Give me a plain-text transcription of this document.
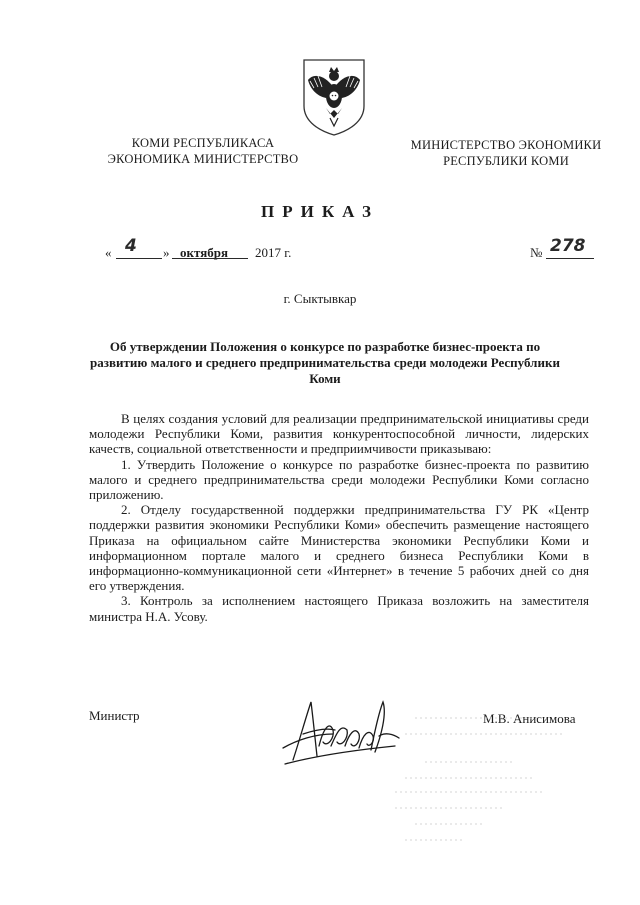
КОМИ РЕСПУБЛИКАСА
ЭКОНОМИКА МИНИСТЕРСТВО
МИНИСТЕРСТВО ЭКОНОМИКИ
РЕСПУБЛИКИ КОМИ
ПРИКАЗ
« 4 » октября 2017 г.	№ 278
г. Сыктывкар
Об утверждении Положения о конкурсе по разработке бизнес-проекта по развитию малого и среднего предпринимательства среди молодежи Республики Коми

В целях создания условий для реализации предпринимательской инициативы среди молодежи Республики Коми, развития конкурентоспособной личности, лидерских качеств, социальной ответственности и предприимчивости приказываю:

1. Утвердить Положение о конкурсе по разработке бизнес-проекта по развитию малого и среднего предпринимательства среди молодежи Республики Коми согласно приложению.

2. Отделу государственной поддержки предпринимательства ГУ РК «Центр поддержки развития экономики Республики Коми» обеспечить размещение настоящего Приказа на официальном сайте Министерства экономики Республики Коми и информационном портале малого и среднего бизнеса Республики Коми в информационно-коммуникационной сети «Интернет» в течение 5 рабочих дней со дня его утверждения.

3. Контроль за исполнением настоящего Приказа возложить на заместителя министра Н.А. Усову.

Министр	М.В. Анисимова
